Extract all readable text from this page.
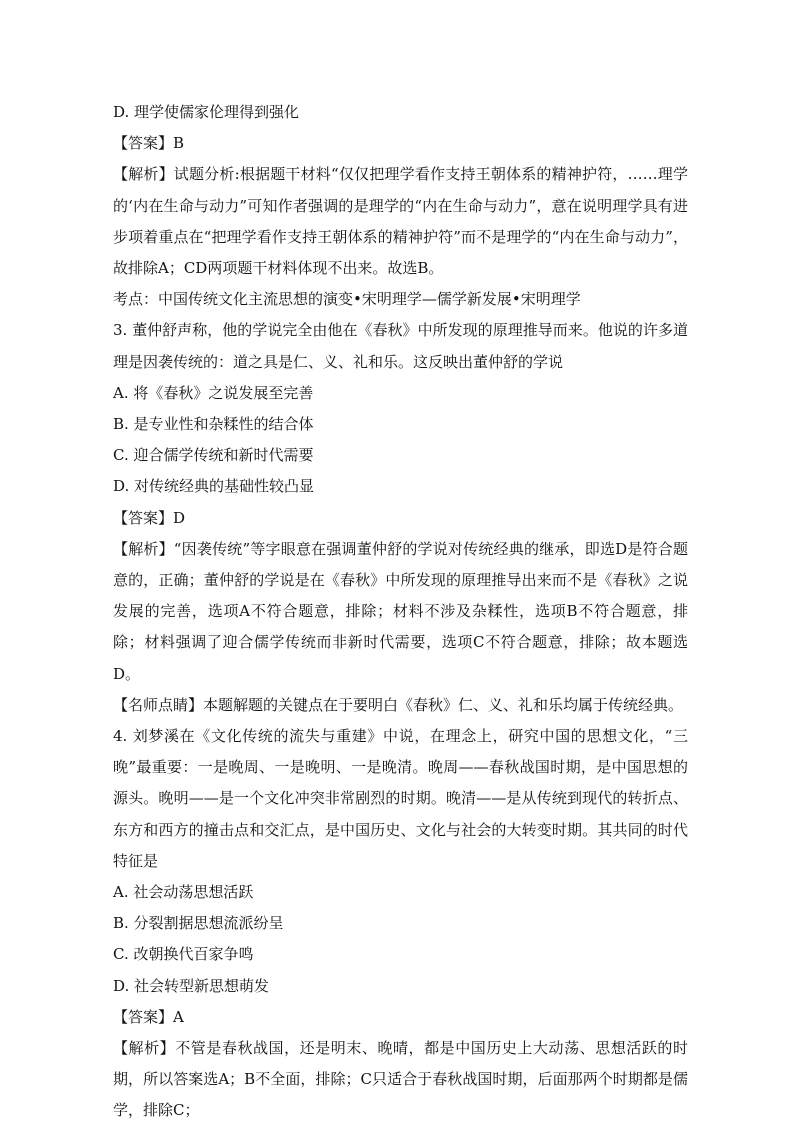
D. 理学使儒家伦理得到强化
【答案】B

【解析】试题分析:根据题干材料“仅仅把理学看作支持王朝体系的精神护符，……理学的‘内在生命与动力”可知作者强调的是理学的“内在生命与动力”，意在说明理学具有进步项着重点在“把理学看作支持王朝体系的精神护符”而不是理学的“内在生命与动力”，故排除A；CD两项题干材料体现不出来。故选B。

考点：中国传统文化主流思想的演变•宋明理学—儒学新发展•宋明理学

3. 董仲舒声称，他的学说完全由他在《春秋》中所发现的原理推导而来。他说的许多道理是因袭传统的：道之具是仁、义、礼和乐。这反映出董仲舒的学说

A. 将《春秋》之说发展至完善
B. 是专业性和杂糅性的结合体
C. 迎合儒学传统和新时代需要
D. 对传统经典的基础性较凸显
【答案】D

【解析】“因袭传统”等字眼意在强调董仲舒的学说对传统经典的继承，即选D是符合题意的，正确；董仲舒的学说是在《春秋》中所发现的原理推导出来而不是《春秋》之说发展的完善，选项A不符合题意，排除；材料不涉及杂糅性，选项B不符合题意，排除；材料强调了迎合儒学传统而非新时代需要，选项C不符合题意，排除；故本题选D。

【名师点睛】本题解题的关键点在于要明白《春秋》仁、义、礼和乐均属于传统经典。

4. 刘梦溪在《文化传统的流失与重建》中说，在理念上，研究中国的思想文化，“三晚”最重要：一是晚周、一是晚明、一是晚清。晚周——春秋战国时期，是中国思想的源头。晚明——是一个文化冲突非常剧烈的时期。晚清——是从传统到现代的转折点、东方和西方的撞击点和交汇点，是中国历史、文化与社会的大转变时期。其共同的时代特征是

A. 社会动荡思想活跃
B. 分裂割据思想流派纷呈
C. 改朝换代百家争鸣
D. 社会转型新思想萌发
【答案】A

【解析】不管是春秋战国，还是明末、晚晴，都是中国历史上大动荡、思想活跃的时期，所以答案选A；B不全面，排除；C只适合于春秋战国时期，后面那两个时期都是儒学，排除C；
